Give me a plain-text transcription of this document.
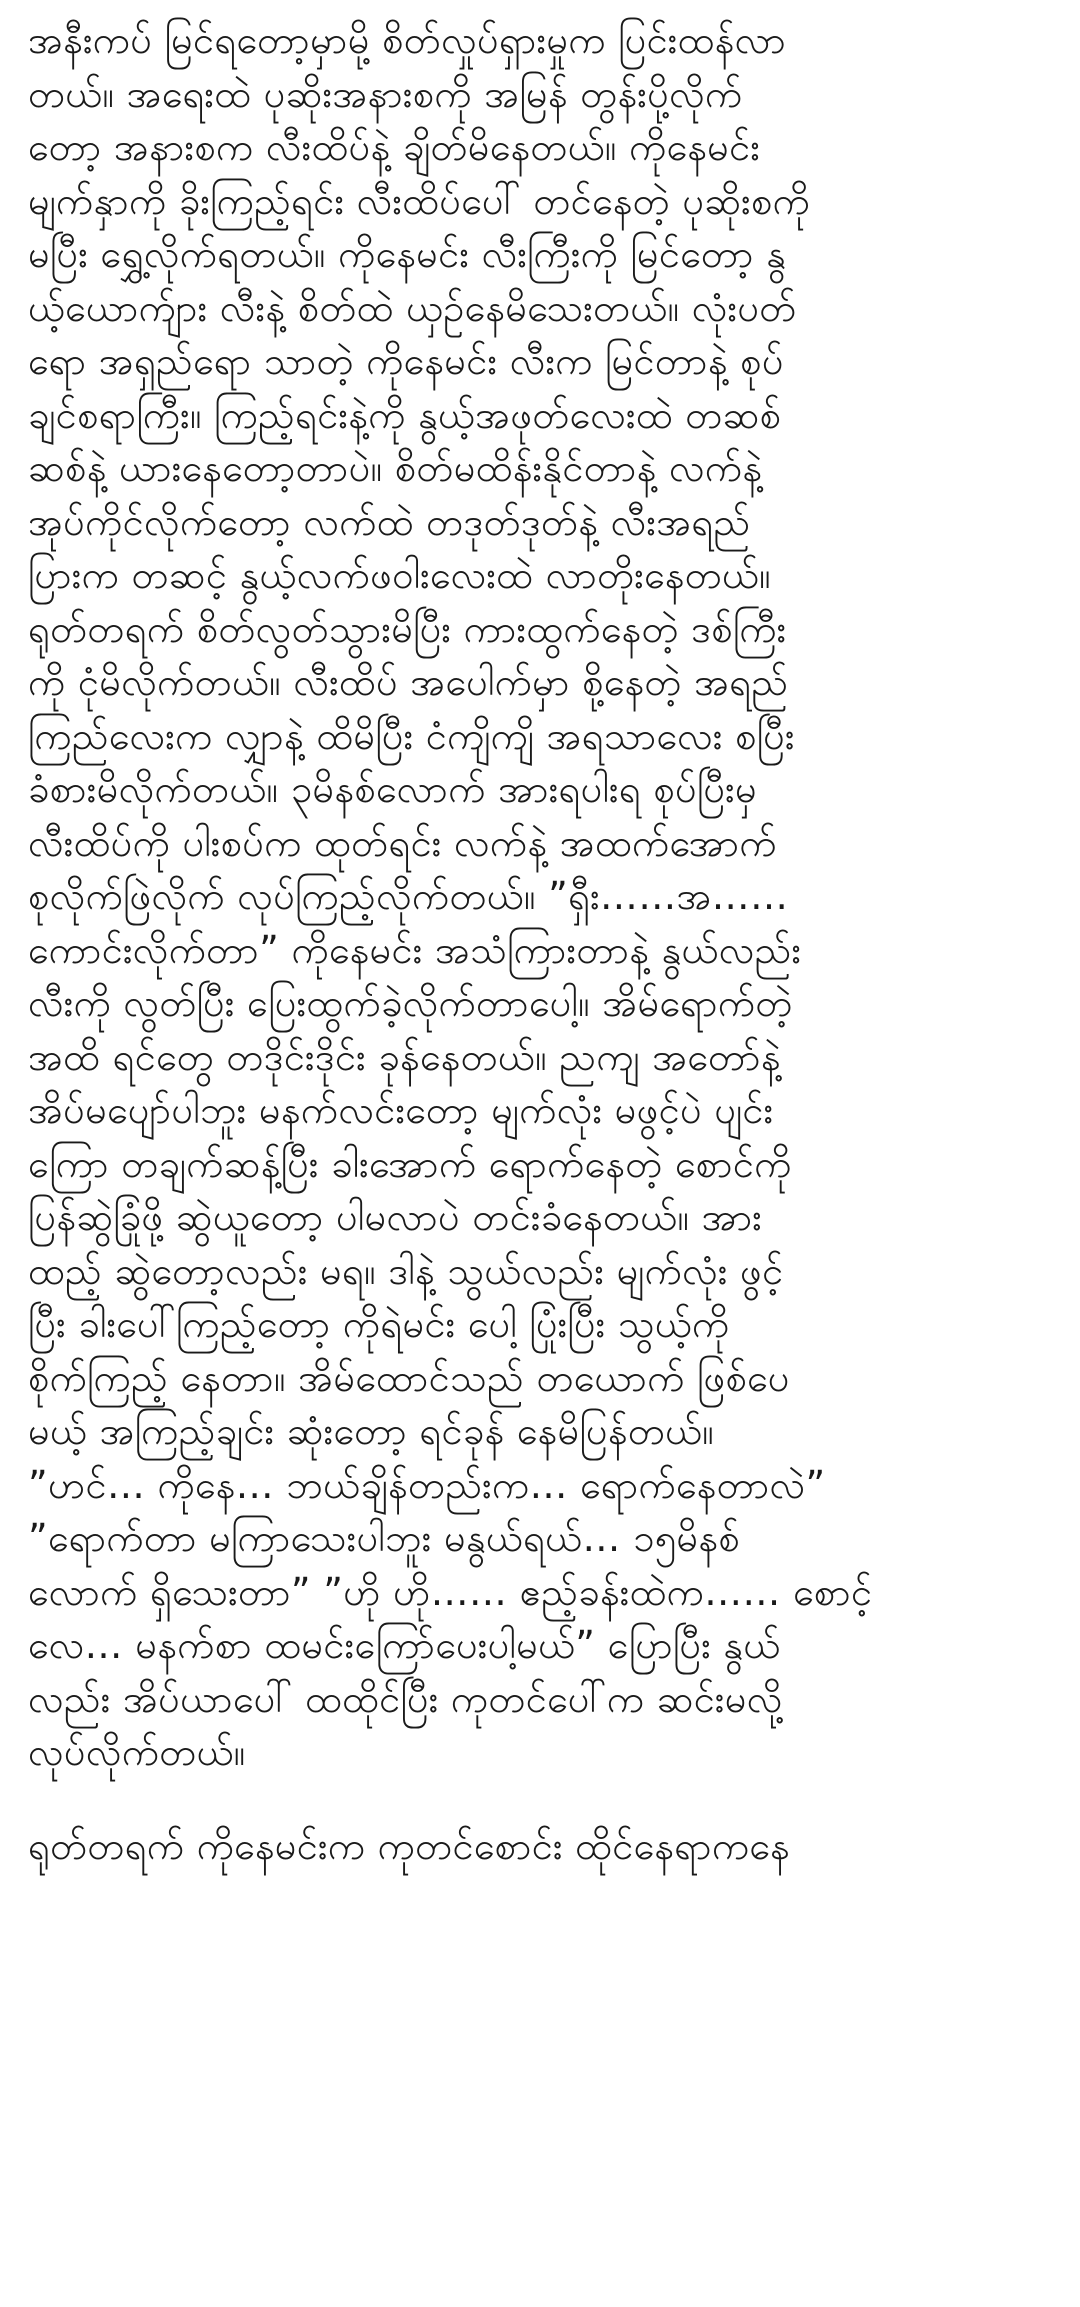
အနီးကပ် မြင်ရတော့မှာမို့ စိတ်လှုပ်ရှားမှုက ပြင်းထန်လာ
တယ်။ အရေးထဲ ပုဆိုးအနားစကို အမြန် တွန်းပို့လိုက်
တော့ အနားစက လီးထိပ်နဲ့ ချိတ်မိနေတယ်။ ကိုနေမင်း
မျက်နှာကို ခိုးကြည့်ရင်း လီးထိပ်ပေါ် တင်နေတဲ့ ပုဆိုးစကို
မပြီး ရွှေ့လိုက်ရတယ်။ ကိုနေမင်း လီးကြီးကို မြင်တော့ နွ
ယ့်ယောက်ျား လီးနဲ့ စိတ်ထဲ ယှဉ်နေမိသေးတယ်။ လုံးပတ်
ရော အရှည်ရော သာတဲ့ ကိုနေမင်း လီးက မြင်တာနဲ့ စုပ်
ချင်စရာကြီး။ ကြည့်ရင်းနဲ့ကို နွယ့်အဖုတ်လေးထဲ တဆစ်
ဆစ်နဲ့ ယားနေတော့တာပဲ။ စိတ်မထိန်းနိုင်တာနဲ့ လက်နဲ့
အုပ်ကိုင်လိုက်တော့ လက်ထဲ တဒုတ်ဒုတ်နဲ့ လီးအရည်
ပြားက တဆင့် နွယ့်လက်ဖဝါးလေးထဲ လာတိုးနေတယ်။
ရုတ်တရက် စိတ်လွတ်သွားမိပြီး ကားထွက်နေတဲ့ ဒစ်ကြီး
ကို ငုံမိလိုက်တယ်။ လီးထိပ် အပေါက်မှာ စို့နေတဲ့ အရည်
ကြည်လေးက လျှာနဲ့ ထိမိပြီး ငံကျိကျိ အရသာလေး စပြီး
ခံစားမိလိုက်တယ်။ ၃မိနစ်လောက် အားရပါးရ စုပ်ပြီးမှ
လီးထိပ်ကို ပါးစပ်က ထုတ်ရင်း လက်နဲ့ အထက်အောက်
စုလိုက်ဖြဲလိုက် လုပ်ကြည့်လိုက်တယ်။ ”ရှီး……အ……
ကောင်းလိုက်တာ” ကိုနေမင်း အသံကြားတာနဲ့ နွယ်လည်း
လီးကို လွတ်ပြီး ပြေးထွက်ခဲ့လိုက်တာပေါ့။ အိမ်ရောက်တဲ့
အထိ ရင်တွေ တဒိုင်းဒိုင်း ခုန်နေတယ်။ ညကျ အတော်နဲ့
အိပ်မပျော်ပါဘူး မနက်လင်းတော့ မျက်လုံး မဖွင့်ပဲ ပျင်း
ကြော တချက်ဆန့်ပြီး ခါးအောက် ရောက်နေတဲ့ စောင်ကို
ပြန်ဆွဲခြုံဖို့ ဆွဲယူတော့ ပါမလာပဲ တင်းခံနေတယ်။ အား
ထည့် ဆွဲတော့လည်း မရ။ ဒါနဲ့ သွယ်လည်း မျက်လုံး ဖွင့်
ပြီး ခါးပေါ်ကြည့်တော့ ကိုရဲမင်း ပေါ့ ပြုံးပြီး သွယ့်ကို
စိုက်ကြည့် နေတာ။ အိမ်ထောင်သည် တယောက် ဖြစ်ပေ
မယ့် အကြည့်ချင်း ဆုံးတော့ ရင်ခုန် နေမိပြန်တယ်။
”ဟင်… ကိုနေ… ဘယ်ချိန်တည်းက… ရောက်နေတာလဲ”
”ရောက်တာ မကြာသေးပါဘူး မနွယ်ရယ်… ၁၅မိနစ်
လောက် ရှိသေးတာ” ”ဟို ဟို…… ဧည့်ခန်းထဲက…… စောင့်
လေ… မနက်စာ ထမင်းကြော်ပေးပါ့မယ်” ပြောပြီး နွယ်
လည်း အိပ်ယာပေါ် ထထိုင်ပြီး ကုတင်ပေါ်က ဆင်းမလို့
လုပ်လိုက်တယ်။

ရုတ်တရက် ကိုနေမင်းက ကုတင်စောင်း ထိုင်နေရာကနေ
